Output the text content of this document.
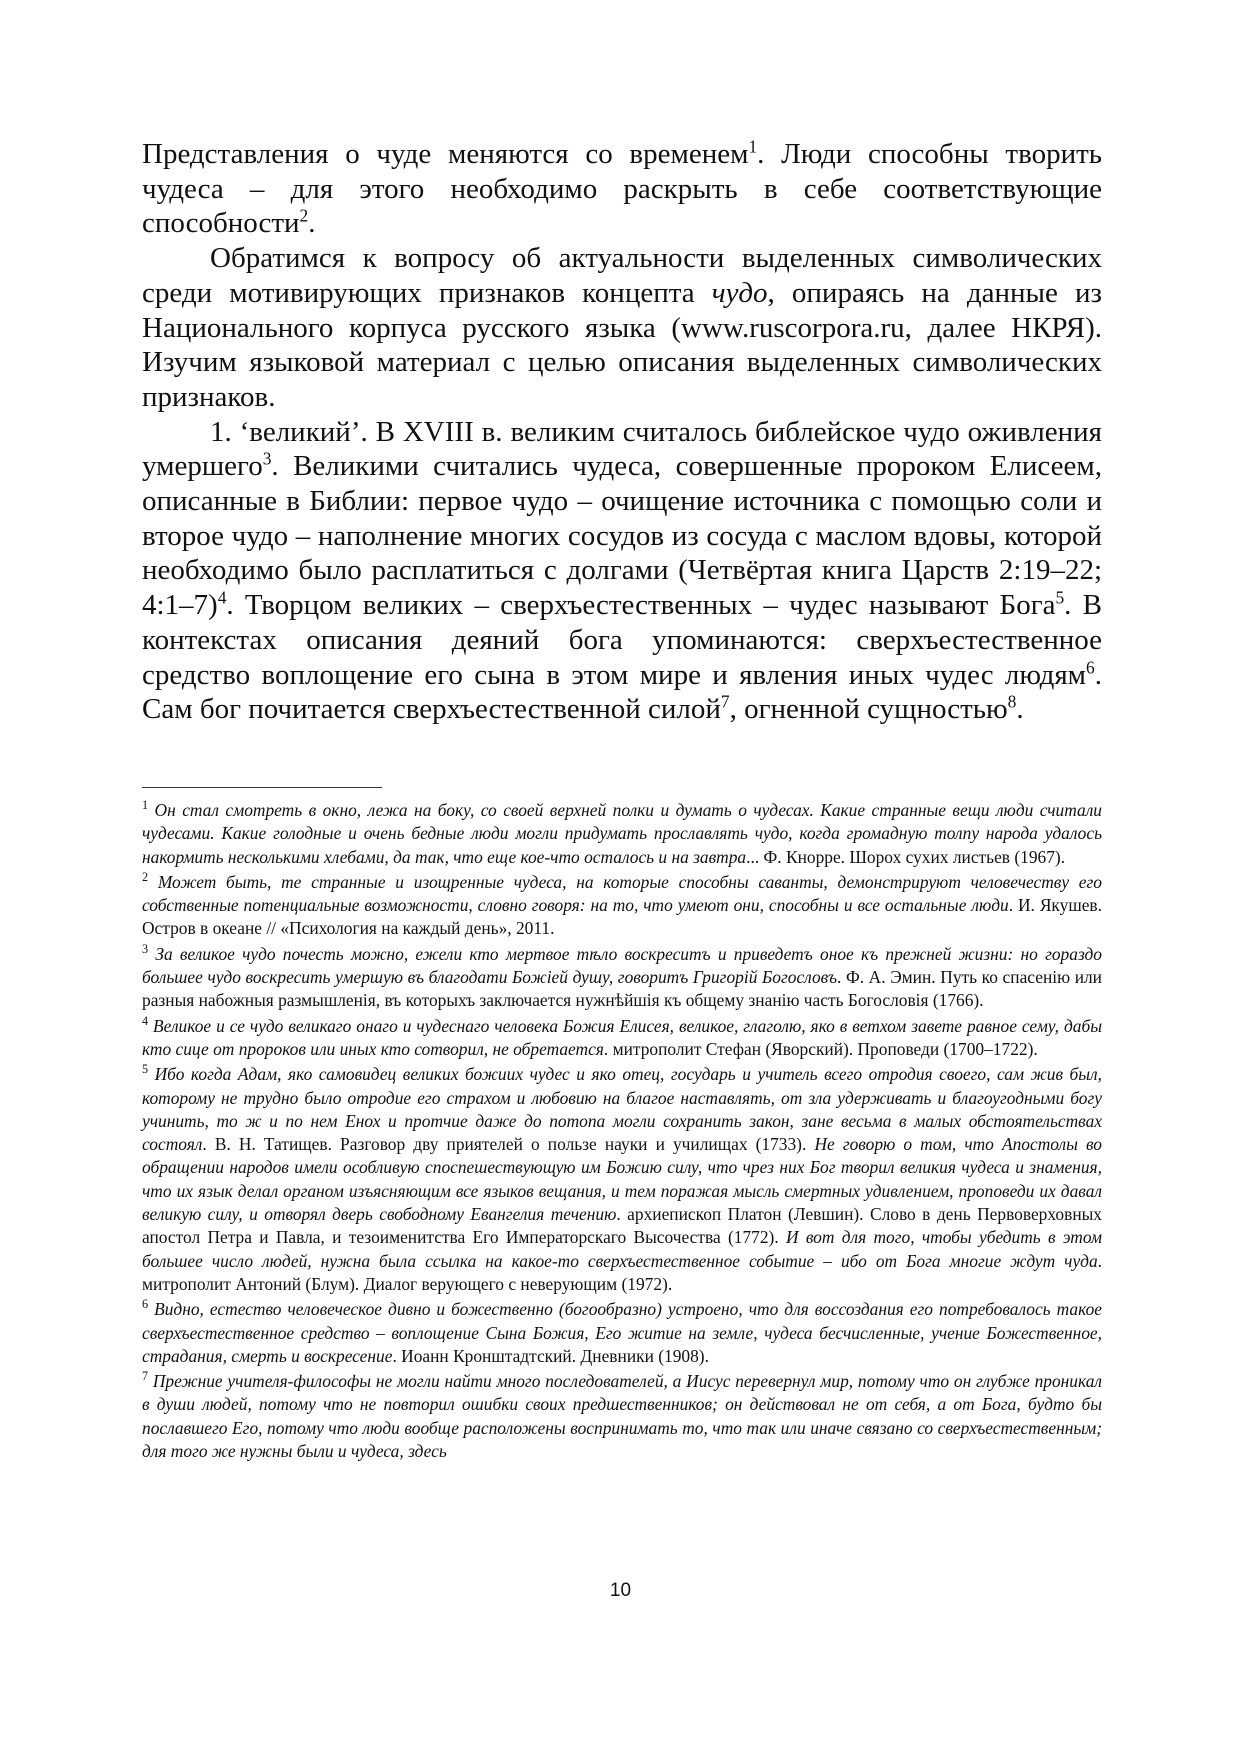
Представления о чуде меняются со временем$^1$. Люди способны творить чудеса – для этого необходимо раскрыть в себе соответствующие способности$^2$.

Обратимся к вопросу об актуальности выделенных символических среди мотивирующих признаков концепта чудо, опираясь на данные из Национального корпуса русского языка (www.ruscorpora.ru, далее НКРЯ). Изучим языковой материал с целью описания выделенных символических признаков.

1. ‘великий’. В XVIII в. великим считалось библейское чудо оживления умершего$^3$. Великими считались чудеса, совершенные пророком Елисеем, описанные в Библии: первое чудо – очищение источника с помощью соли и второе чудо – наполнение многих сосудов из сосуда с маслом вдовы, которой необходимо было расплатиться с долгами (Четвёртая книга Царств 2:19–22; 4:1–7)$^4$. Творцом великих – сверхъестественных – чудес называют Бога$^5$. В контекстах описания деяний бога упоминаются: сверхъестественное средство воплощение его сына в этом мире и явления иных чудес людям$^6$. Сам бог почитается сверхъестественной силой$^7$, огненной сущностью$^8$.

$^1$ Он стал смотреть в окно, лежа на боку, со своей верхней полки и думать о чудесах. Какие странные вещи люди считали чудесами. Какие голодные и очень бедные люди могли придумать прославлять чудо, когда громадную толпу народа удалось накормить несколькими хлебами, да так, что еще кое-что осталось и на завтра... Ф. Кнорре. Шорох сухих листьев (1967).

$^2$ Может быть, те странные и изощренные чудеса, на которые способны саванты, демонстрируют человечеству его собственные потенциальные возможности, словно говоря: на то, что умеют они, способны и все остальные люди. И. Якушев. Остров в океане // «Психология на каждый день», 2011.

$^3$ За великое чудо почесть можно, ежели кто мертвое тѣло воскреситъ и приведетъ оное къ прежней жизни: но гораздо большее чудо воскресить умершую въ благодати Божіей душу, говоритъ Григорій Богословъ. Ф. А. Эмин. Путь ко спасенію или разныя набожныя размышленія, въ которыхъ заключается нужнѣйшія къ общему знанію часть Богословія (1766).

$^4$ Великое и се чудо великаго онаго и чудеснаго человека Божия Елисея, великое, глаголю, яко в ветхом завете равное сему, дабы кто сице от пророков или иных кто сотворил, не обретается. митрополит Стефан (Яворский). Проповеди (1700–1722).

$^5$ Ибо когда Адам, яко самовидец великих божиих чудес и яко отец, государь и учитель всего отродия своего, сам жив был, которому не трудно было отродие его страхом и любовию на благое наставлять, от зла удерживать и благоугодными богу учинить, то ж и по нем Енох и протчие даже до потопа могли сохранить закон, зане весьма в малых обстоятельствах состоял. В. Н. Татищев. Разговор дву приятелей о пользе науки и училищах (1733). Не говорю о том, что Апостолы во обращении народов имели особливую споспешествующую им Божию силу, что чрез них Бог творил великия чудеса и знамения, что их язык делал органом изъясняющим все языков вещания, и тем поражая мысль смертных удивлением, проповеди их давал великую силу, и отворял дверь свободному Евангелия течению. архиепископ Платон (Левшин). Слово в день Первоверховных апостол Петра и Павла, и тезоименитства Его Императорскаго Высочества (1772). И вот для того, чтобы убедить в этом большее число людей, нужна была ссылка на какое-то сверхъестественное событие – ибо от Бога многие ждут чуда. митрополит Антоний (Блум). Диалог верующего с неверующим (1972).

$^6$ Видно, естество человеческое дивно и божественно (богообразно) устроено, что для воссоздания его потребовалось такое сверхъестественное средство – воплощение Сына Божия, Его житие на земле, чудеса бесчисленные, учение Божественное, страдания, смерть и воскресение. Иоанн Кронштадтский. Дневники (1908).

$^7$ Прежние учителя-философы не могли найти много последователей, а Иисус перевернул мир, потому что он глубже проникал в души людей, потому что не повторил ошибки своих предшественников; он действовал не от себя, а от Бога, будто бы пославшего Его, потому что люди вообще расположены воспринимать то, что так или иначе связано со сверхъестественным; для того же нужны были и чудеса, здесь

10
